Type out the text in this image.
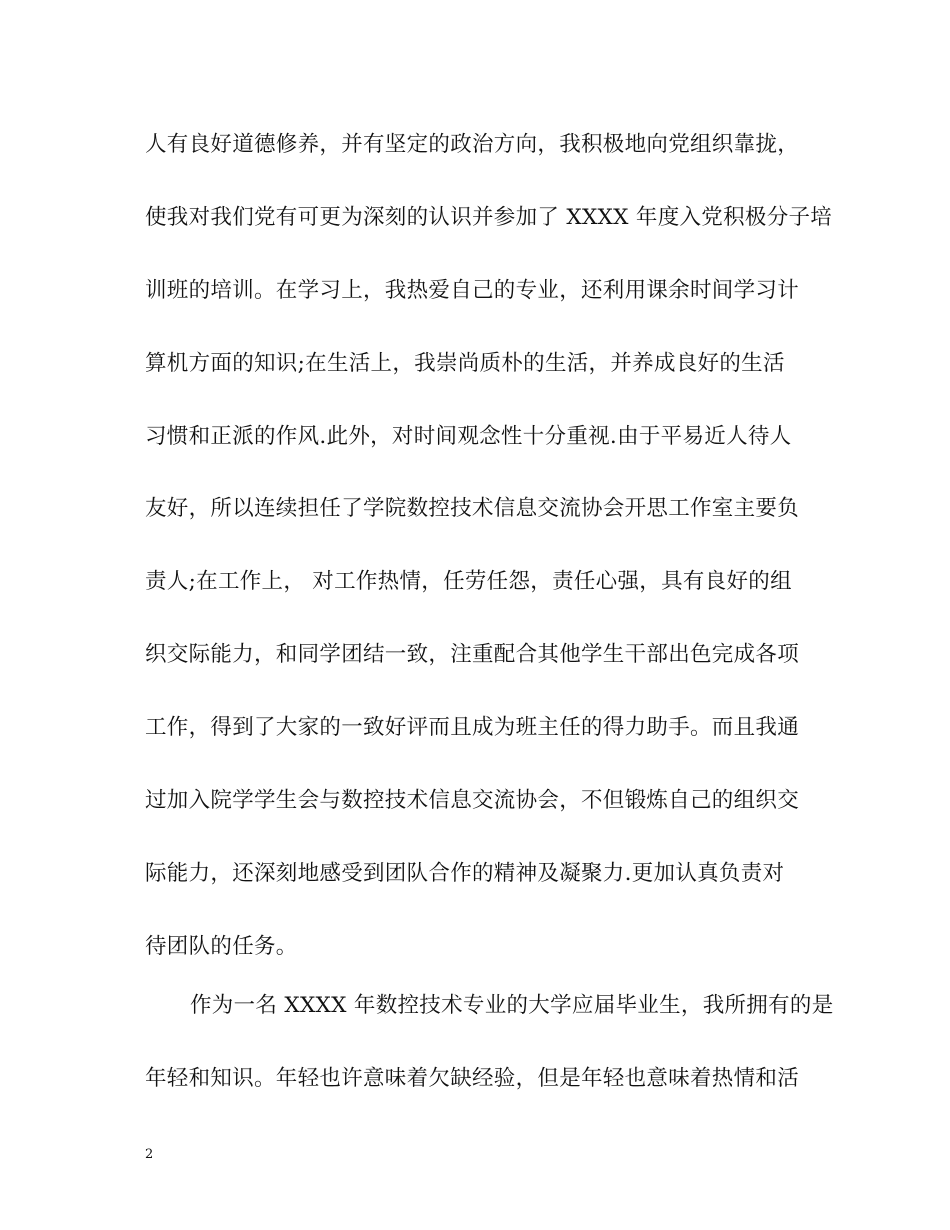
人有良好道德修养，并有坚定的政治方向，我积极地向党组织靠拢，
使我对我们党有可更为深刻的认识并参加了 XXXX 年度入党积极分子培
训班的培训。在学习上，我热爱自己的专业，还利用课余时间学习计
算机方面的知识;在生活上，我崇尚质朴的生活，并养成良好的生活
习惯和正派的作风.此外，对时间观念性十分重视.由于平易近人待人
友好，所以连续担任了学院数控技术信息交流协会开思工作室主要负
责人;在工作上， 对工作热情，任劳任怨，责任心强，具有良好的组
织交际能力，和同学团结一致，注重配合其他学生干部出色完成各项
工作，得到了大家的一致好评而且成为班主任的得力助手。而且我通
过加入院学学生会与数控技术信息交流协会，不但锻炼自己的组织交
际能力，还深刻地感受到团队合作的精神及凝聚力.更加认真负责对
待团队的任务。
作为一名 XXXX 年数控技术专业的大学应届毕业生，我所拥有的是
年轻和知识。年轻也许意味着欠缺经验，但是年轻也意味着热情和活
2
